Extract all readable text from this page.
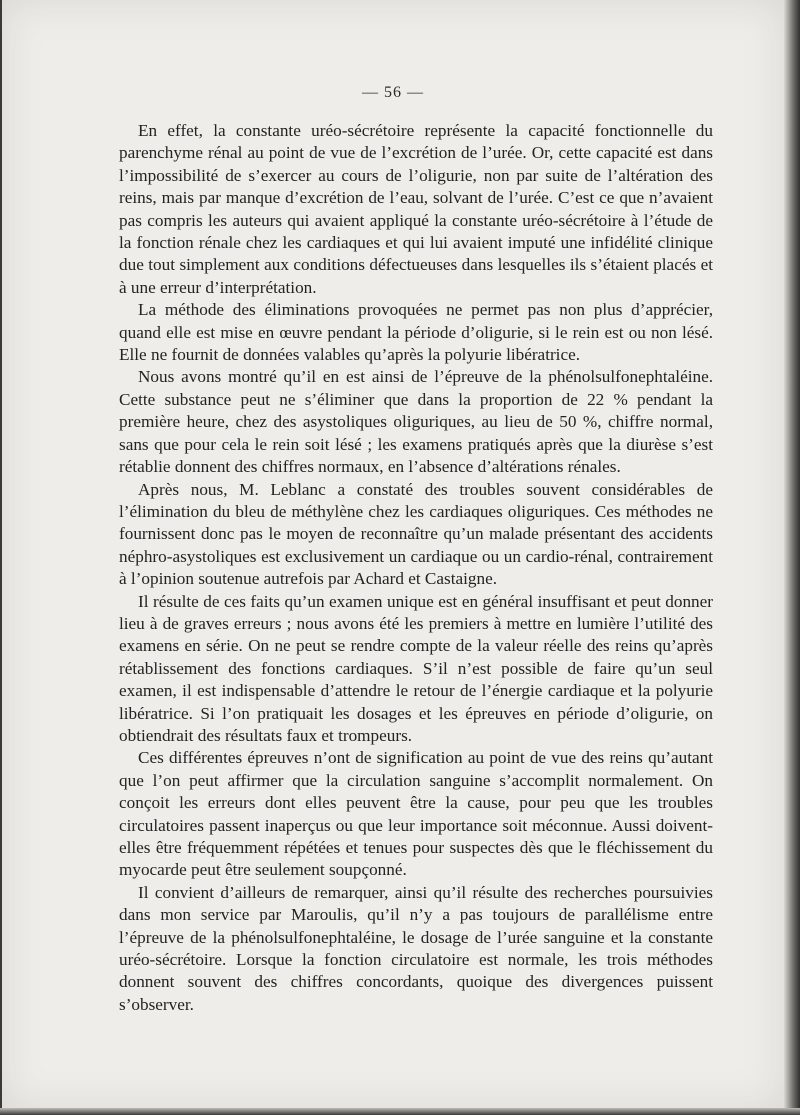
— 56 —

En effet, la constante uréo-sécrétoire représente la capacité fonctionnelle du parenchyme rénal au point de vue de l’excrétion de l’urée. Or, cette capacité est dans l’impossibilité de s’exercer au cours de l’oligurie, non par suite de l’altération des reins, mais par manque d’excrétion de l’eau, solvant de l’urée. C’est ce que n’avaient pas compris les auteurs qui avaient appliqué la constante uréo-sécrétoire à l’étude de la fonction rénale chez les cardiaques et qui lui avaient imputé une infidélité clinique due tout simplement aux conditions défectueuses dans lesquelles ils s’étaient placés et à une erreur d’interprétation.

La méthode des éliminations provoquées ne permet pas non plus d’apprécier, quand elle est mise en œuvre pendant la période d’oligurie, si le rein est ou non lésé. Elle ne fournit de données valables qu’après la polyurie libératrice.

Nous avons montré qu’il en est ainsi de l’épreuve de la phénolsulfonephtaléine. Cette substance peut ne s’éliminer que dans la proportion de 22 %​ pendant la première heure, chez des asystoliques oliguriques, au lieu de 50 %, chiffre normal, sans que pour cela le rein soit lésé ; les examens pratiqués après que la diurèse s’est rétablie donnent des chiffres normaux, en l’absence d’altérations rénales.

Après nous, M. Leblanc a constaté des troubles souvent considérables de l’élimination du bleu de méthylène chez les cardiaques oliguriques. Ces méthodes ne fournissent donc pas le moyen de reconnaître qu’un malade présentant des accidents néphro-asystoliques est exclusivement un cardiaque ou un cardio-rénal, contrairement à l’opinion soutenue autrefois par Achard et Castaigne.

Il résulte de ces faits qu’un examen unique est en général insuffisant et peut donner lieu à de graves erreurs ; nous avons été les premiers à mettre en lumière l’utilité des examens en série. On ne peut se rendre compte de la valeur réelle des reins qu’après rétablissement des fonctions cardiaques. S’il n’est possible de faire qu’un seul examen, il est indispensable d’attendre le retour de l’énergie cardiaque et la polyurie libératrice. Si l’on pratiquait les dosages et les épreuves en période d’oligurie, on obtiendrait des résultats faux et trompeurs.

Ces différentes épreuves n’ont de signification au point de vue des reins qu’autant que l’on peut affirmer que la circulation sanguine s’accomplit normalement. On conçoit les erreurs dont elles peuvent être la cause, pour peu que les troubles circulatoires passent inaperçus ou que leur importance soit méconnue. Aussi doivent-elles être fréquemment répétées et tenues pour suspectes dès que le fléchissement du myocarde peut être seulement soupçonné.

Il convient d’ailleurs de remarquer, ainsi qu’il résulte des recherches poursuivies dans mon service par Maroulis, qu’il n’y a pas toujours de parallélisme entre l’épreuve de la phénolsulfonephtaléine, le dosage de l’urée sanguine et la constante uréo-sécrétoire. Lorsque la fonction circulatoire est normale, les trois méthodes donnent souvent des chiffres concordants, quoique des divergences puissent s’observer.
